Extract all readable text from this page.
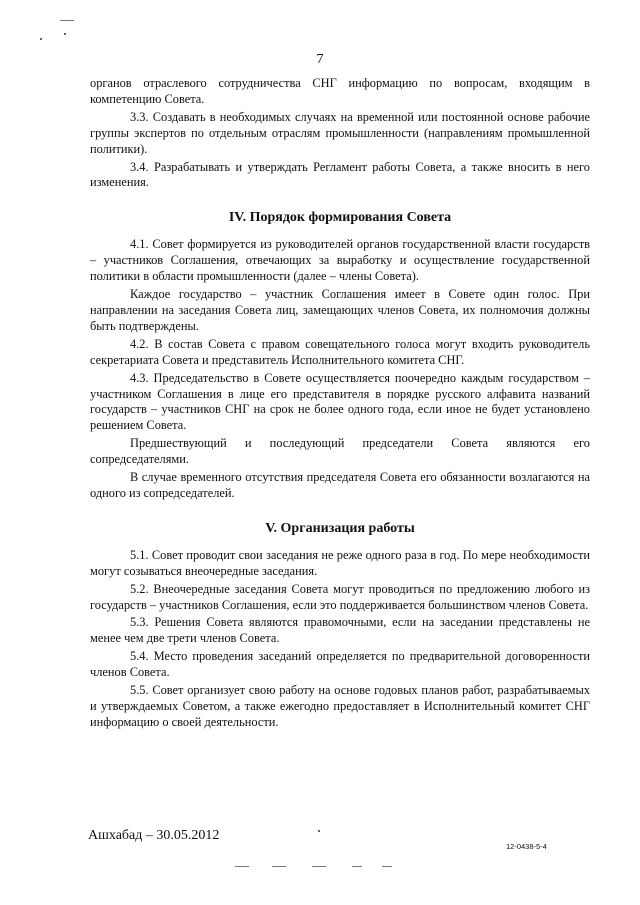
7

органов отраслевого сотрудничества СНГ информацию по вопросам, входящим в компетенцию Совета.

3.3. Создавать в необходимых случаях на временной или постоянной основе рабочие группы экспертов по отдельным отраслям промышленности (направлениям промышленной политики).

3.4. Разрабатывать и утверждать Регламент работы Совета, а также вносить в него изменения.

IV. Порядок формирования Совета

4.1. Совет формируется из руководителей органов государственной власти государств – участников Соглашения, отвечающих за выработку и осуществление государственной политики в области промышленности (далее – члены Совета).

Каждое государство – участник Соглашения имеет в Совете один голос. При направлении на заседания Совета лиц, замещающих членов Совета, их полномочия должны быть подтверждены.

4.2. В состав Совета с правом совещательного голоса могут входить руководитель секретариата Совета и представитель Исполнительного комитета СНГ.

4.3. Председательство в Совете осуществляется поочередно каждым государством – участником Соглашения в лице его представителя в порядке русского алфавита названий государств – участников СНГ на срок не более одного года, если иное не будет установлено решением Совета.

Предшествующий и последующий председатели Совета являются его сопредседателями.

В случае временного отсутствия председателя Совета его обязанности возлагаются на одного из сопредседателей.

V. Организация работы

5.1. Совет проводит свои заседания не реже одного раза в год. По мере необходимости могут созываться внеочередные заседания.

5.2. Внеочередные заседания Совета могут проводиться по предложению любого из государств – участников Соглашения, если это поддерживается большинством членов Совета.

5.3. Решения Совета являются правомочными, если на заседании представлены не менее чем две трети членов Совета.

5.4. Место проведения заседаний определяется по предварительной договоренности членов Совета.

5.5. Совет организует свою работу на основе годовых планов работ, разрабатываемых и утверждаемых Советом, а также ежегодно предоставляет в Исполнительный комитет СНГ информацию о своей деятельности.

Ашхабад – 30.05.2012
12-0438-5-4
